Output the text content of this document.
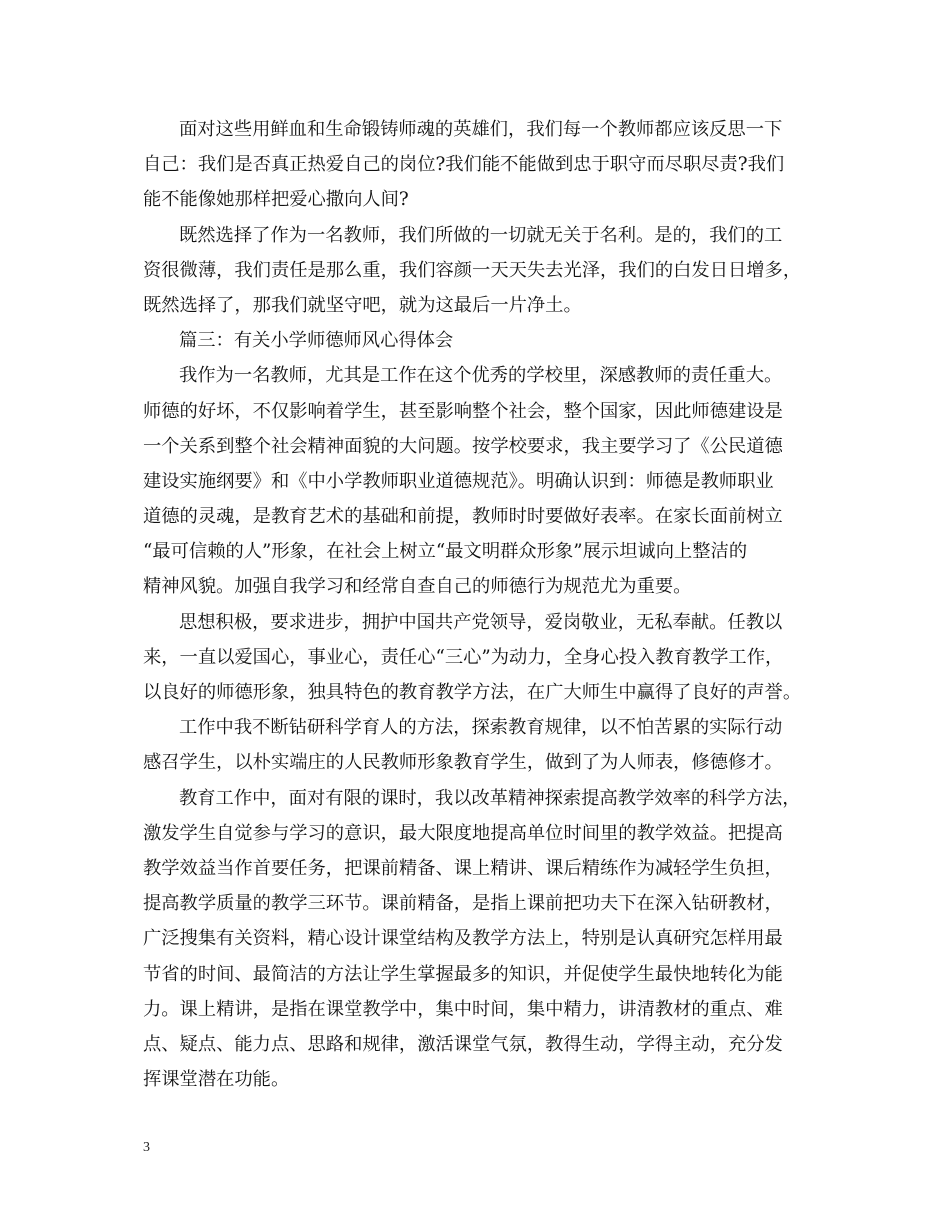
面对这些用鲜血和生命锻铸师魂的英雄们，我们每一个教师都应该反思一下
自己：我们是否真正热爱自己的岗位?我们能不能做到忠于职守而尽职尽责?我们
能不能像她那样把爱心撒向人间?
既然选择了作为一名教师，我们所做的一切就无关于名利。是的，我们的工
资很微薄，我们责任是那么重，我们容颜一天天失去光泽，我们的白发日日增多，
既然选择了，那我们就坚守吧，就为这最后一片净土。
篇三：有关小学师德师风心得体会
我作为一名教师，尤其是工作在这个优秀的学校里，深感教师的责任重大。
师德的好坏，不仅影响着学生，甚至影响整个社会，整个国家，因此师德建设是
一个关系到整个社会精神面貌的大问题。按学校要求，我主要学习了《公民道德
建设实施纲要》和《中小学教师职业道德规范》。明确认识到：师德是教师职业
道德的灵魂，是教育艺术的基础和前提，教师时时要做好表率。在家长面前树立
“最可信赖的人”形象，在社会上树立“最文明群众形象”展示坦诚向上整洁的
精神风貌。加强自我学习和经常自查自己的师德行为规范尤为重要。
思想积极，要求进步，拥护中国共产党领导，爱岗敬业，无私奉献。任教以
来，一直以爱国心，事业心，责任心“三心”为动力，全身心投入教育教学工作，
以良好的师德形象，独具特色的教育教学方法，在广大师生中赢得了良好的声誉。
工作中我不断钻研科学育人的方法，探索教育规律，以不怕苦累的实际行动
感召学生，以朴实端庄的人民教师形象教育学生，做到了为人师表，修德修才。
教育工作中，面对有限的课时，我以改革精神探索提高教学效率的科学方法，
激发学生自觉参与学习的意识，最大限度地提高单位时间里的教学效益。把提高
教学效益当作首要任务，把课前精备、课上精讲、课后精练作为减轻学生负担，
提高教学质量的教学三环节。课前精备，是指上课前把功夫下在深入钻研教材，
广泛搜集有关资料，精心设计课堂结构及教学方法上，特别是认真研究怎样用最
节省的时间、最简洁的方法让学生掌握最多的知识，并促使学生最快地转化为能
力。课上精讲，是指在课堂教学中，集中时间，集中精力，讲清教材的重点、难
点、疑点、能力点、思路和规律，激活课堂气氛，教得生动，学得主动，充分发
挥课堂潜在功能。
3
